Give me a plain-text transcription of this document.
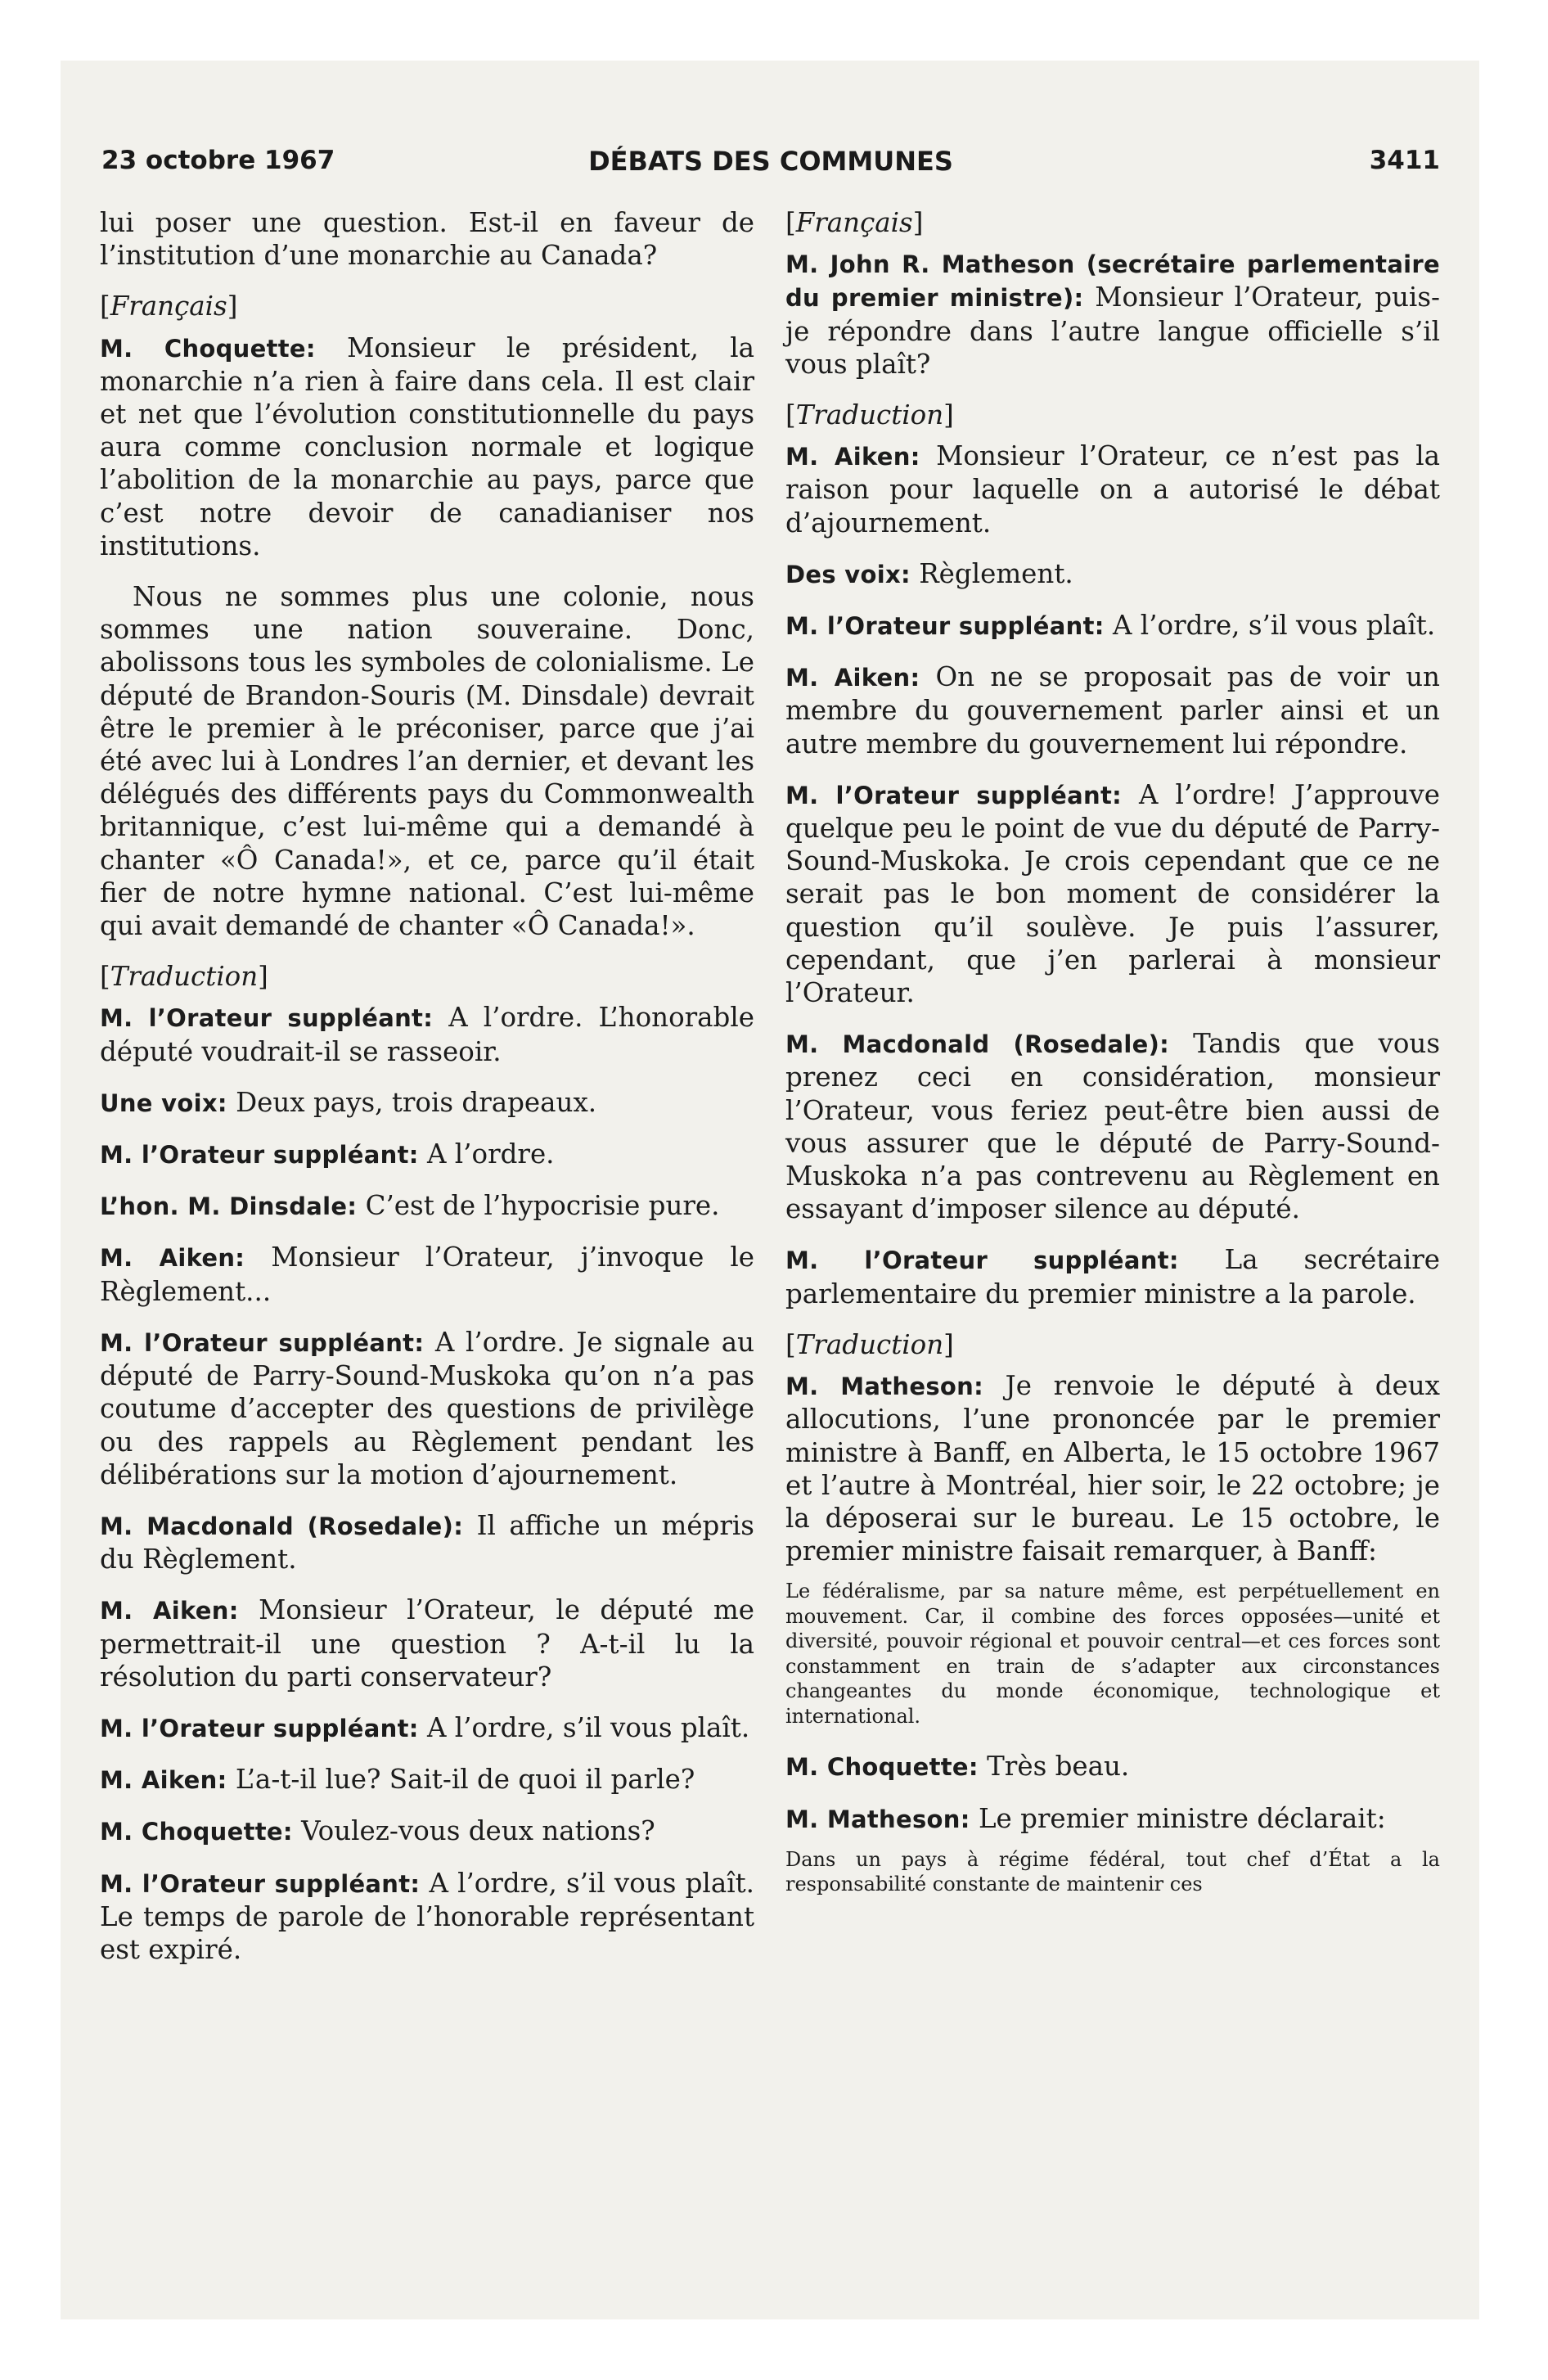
23 octobre 1967	DÉBATS DES COMMUNES	3411

lui poser une question. Est-il en faveur de l’institution d’une monarchie au Canada?

[ Français ]

M. Choquette: Monsieur le président, la monarchie n’a rien à faire dans cela. Il est clair et net que l’évolution constitutionnelle du pays aura comme conclusion normale et logique l’abolition de la monarchie au pays, parce que c’est notre devoir de canadianiser nos institutions.

Nous ne sommes plus une colonie, nous sommes une nation souveraine. Donc, abolissons tous les symboles de colonialisme. Le député de Brandon-Souris (M. Dinsdale) devrait être le premier à le préconiser, parce que j’ai été avec lui à Londres l’an dernier, et devant les délégués des différents pays du Commonwealth britannique, c’est lui-même qui a demandé à chanter «Ô Canada!», et ce, parce qu’il était fier de notre hymne national. C’est lui-même qui avait demandé de chanter «Ô Canada!».

[ Traduction ]

M. l’Orateur suppléant: A l’ordre. L’honorable député voudrait-il se rasseoir.

Une voix: Deux pays, trois drapeaux.

M. l’Orateur suppléant: A l’ordre.

L’hon. M. Dinsdale: C’est de l’hypocrisie pure.

M. Aiken: Monsieur l’Orateur, j’invoque le Règlement...

M. l’Orateur suppléant: A l’ordre. Je signale au député de Parry-Sound-Muskoka qu’on n’a pas coutume d’accepter des questions de privilège ou des rappels au Règlement pendant les délibérations sur la motion d’ajournement.

M. Macdonald (Rosedale): Il affiche un mépris du Règlement.

M. Aiken: Monsieur l’Orateur, le député me permettrait-il une question ? A-t-il lu la résolution du parti conservateur?

M. l’Orateur suppléant: A l’ordre, s’il vous plaît.

M. Aiken: L’a-t-il lue? Sait-il de quoi il parle?

M. Choquette: Voulez-vous deux nations?

M. l’Orateur suppléant: A l’ordre, s’il vous plaît. Le temps de parole de l’honorable représentant est expiré.

[ Français ]

M. John R. Matheson (secrétaire parlementaire du premier ministre): Monsieur l’Orateur, puis-je répondre dans l’autre langue officielle s’il vous plaît?

[ Traduction ]

M. Aiken: Monsieur l’Orateur, ce n’est pas la raison pour laquelle on a autorisé le débat d’ajournement.

Des voix: Règlement.

M. l’Orateur suppléant: A l’ordre, s’il vous plaît.

M. Aiken: On ne se proposait pas de voir un membre du gouvernement parler ainsi et un autre membre du gouvernement lui répondre.

M. l’Orateur suppléant: A l’ordre! J’approuve quelque peu le point de vue du député de Parry-Sound-Muskoka. Je crois cependant que ce ne serait pas le bon moment de considérer la question qu’il soulève. Je puis l’assurer, cependant, que j’en parlerai à monsieur l’Orateur.

M. Macdonald (Rosedale): Tandis que vous prenez ceci en considération, monsieur l’Orateur, vous feriez peut-être bien aussi de vous assurer que le député de Parry-Sound-Muskoka n’a pas contrevenu au Règlement en essayant d’imposer silence au député.

M. l’Orateur suppléant: La secrétaire parlementaire du premier ministre a la parole.

[ Traduction ]

M. Matheson: Je renvoie le député à deux allocutions, l’une prononcée par le premier ministre à Banff, en Alberta, le 15 octobre 1967 et l’autre à Montréal, hier soir, le 22 octobre; je la déposerai sur le bureau. Le 15 octobre, le premier ministre faisait remarquer, à Banff:

Le fédéralisme, par sa nature même, est perpétuellement en mouvement. Car, il combine des forces opposées—unité et diversité, pouvoir régional et pouvoir central—et ces forces sont constamment en train de s’adapter aux circonstances changeantes du monde économique, technologique et international.

M. Choquette: Très beau.

M. Matheson: Le premier ministre déclarait:

Dans un pays à régime fédéral, tout chef d’État a la responsabilité constante de maintenir ces
